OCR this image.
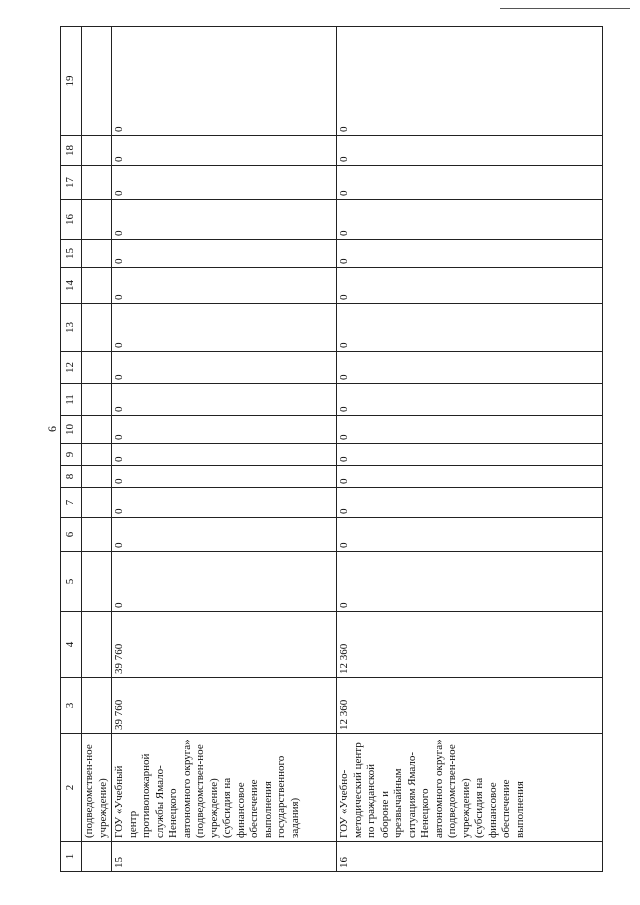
6
1	2	3	4	5	6	7	8	9	10	11	12	13	14	15	16	17	18	19
	(подведомствен-ное учреждение)																	
15	ГОУ «Учебный центр противопожарной службы Ямало-Ненецкого автономного округа» (подведомствен-ное учреждение) (субсидия на финансовое обеспечение выполнения государственного задания)	39 760	39 760	0	0	0	0	0	0	0	0	0	0	0	0	0	0	0
16	ГОУ «Учебно-методический центр по гражданской обороне и чрезвычайным ситуациям Ямало-Ненецкого автономного округа» (подведомствен-ное учреждение) (субсидия на финансовое обеспечение выполнения	12 360	12 360	0	0	0	0	0	0	0	0	0	0	0	0	0	0	0
